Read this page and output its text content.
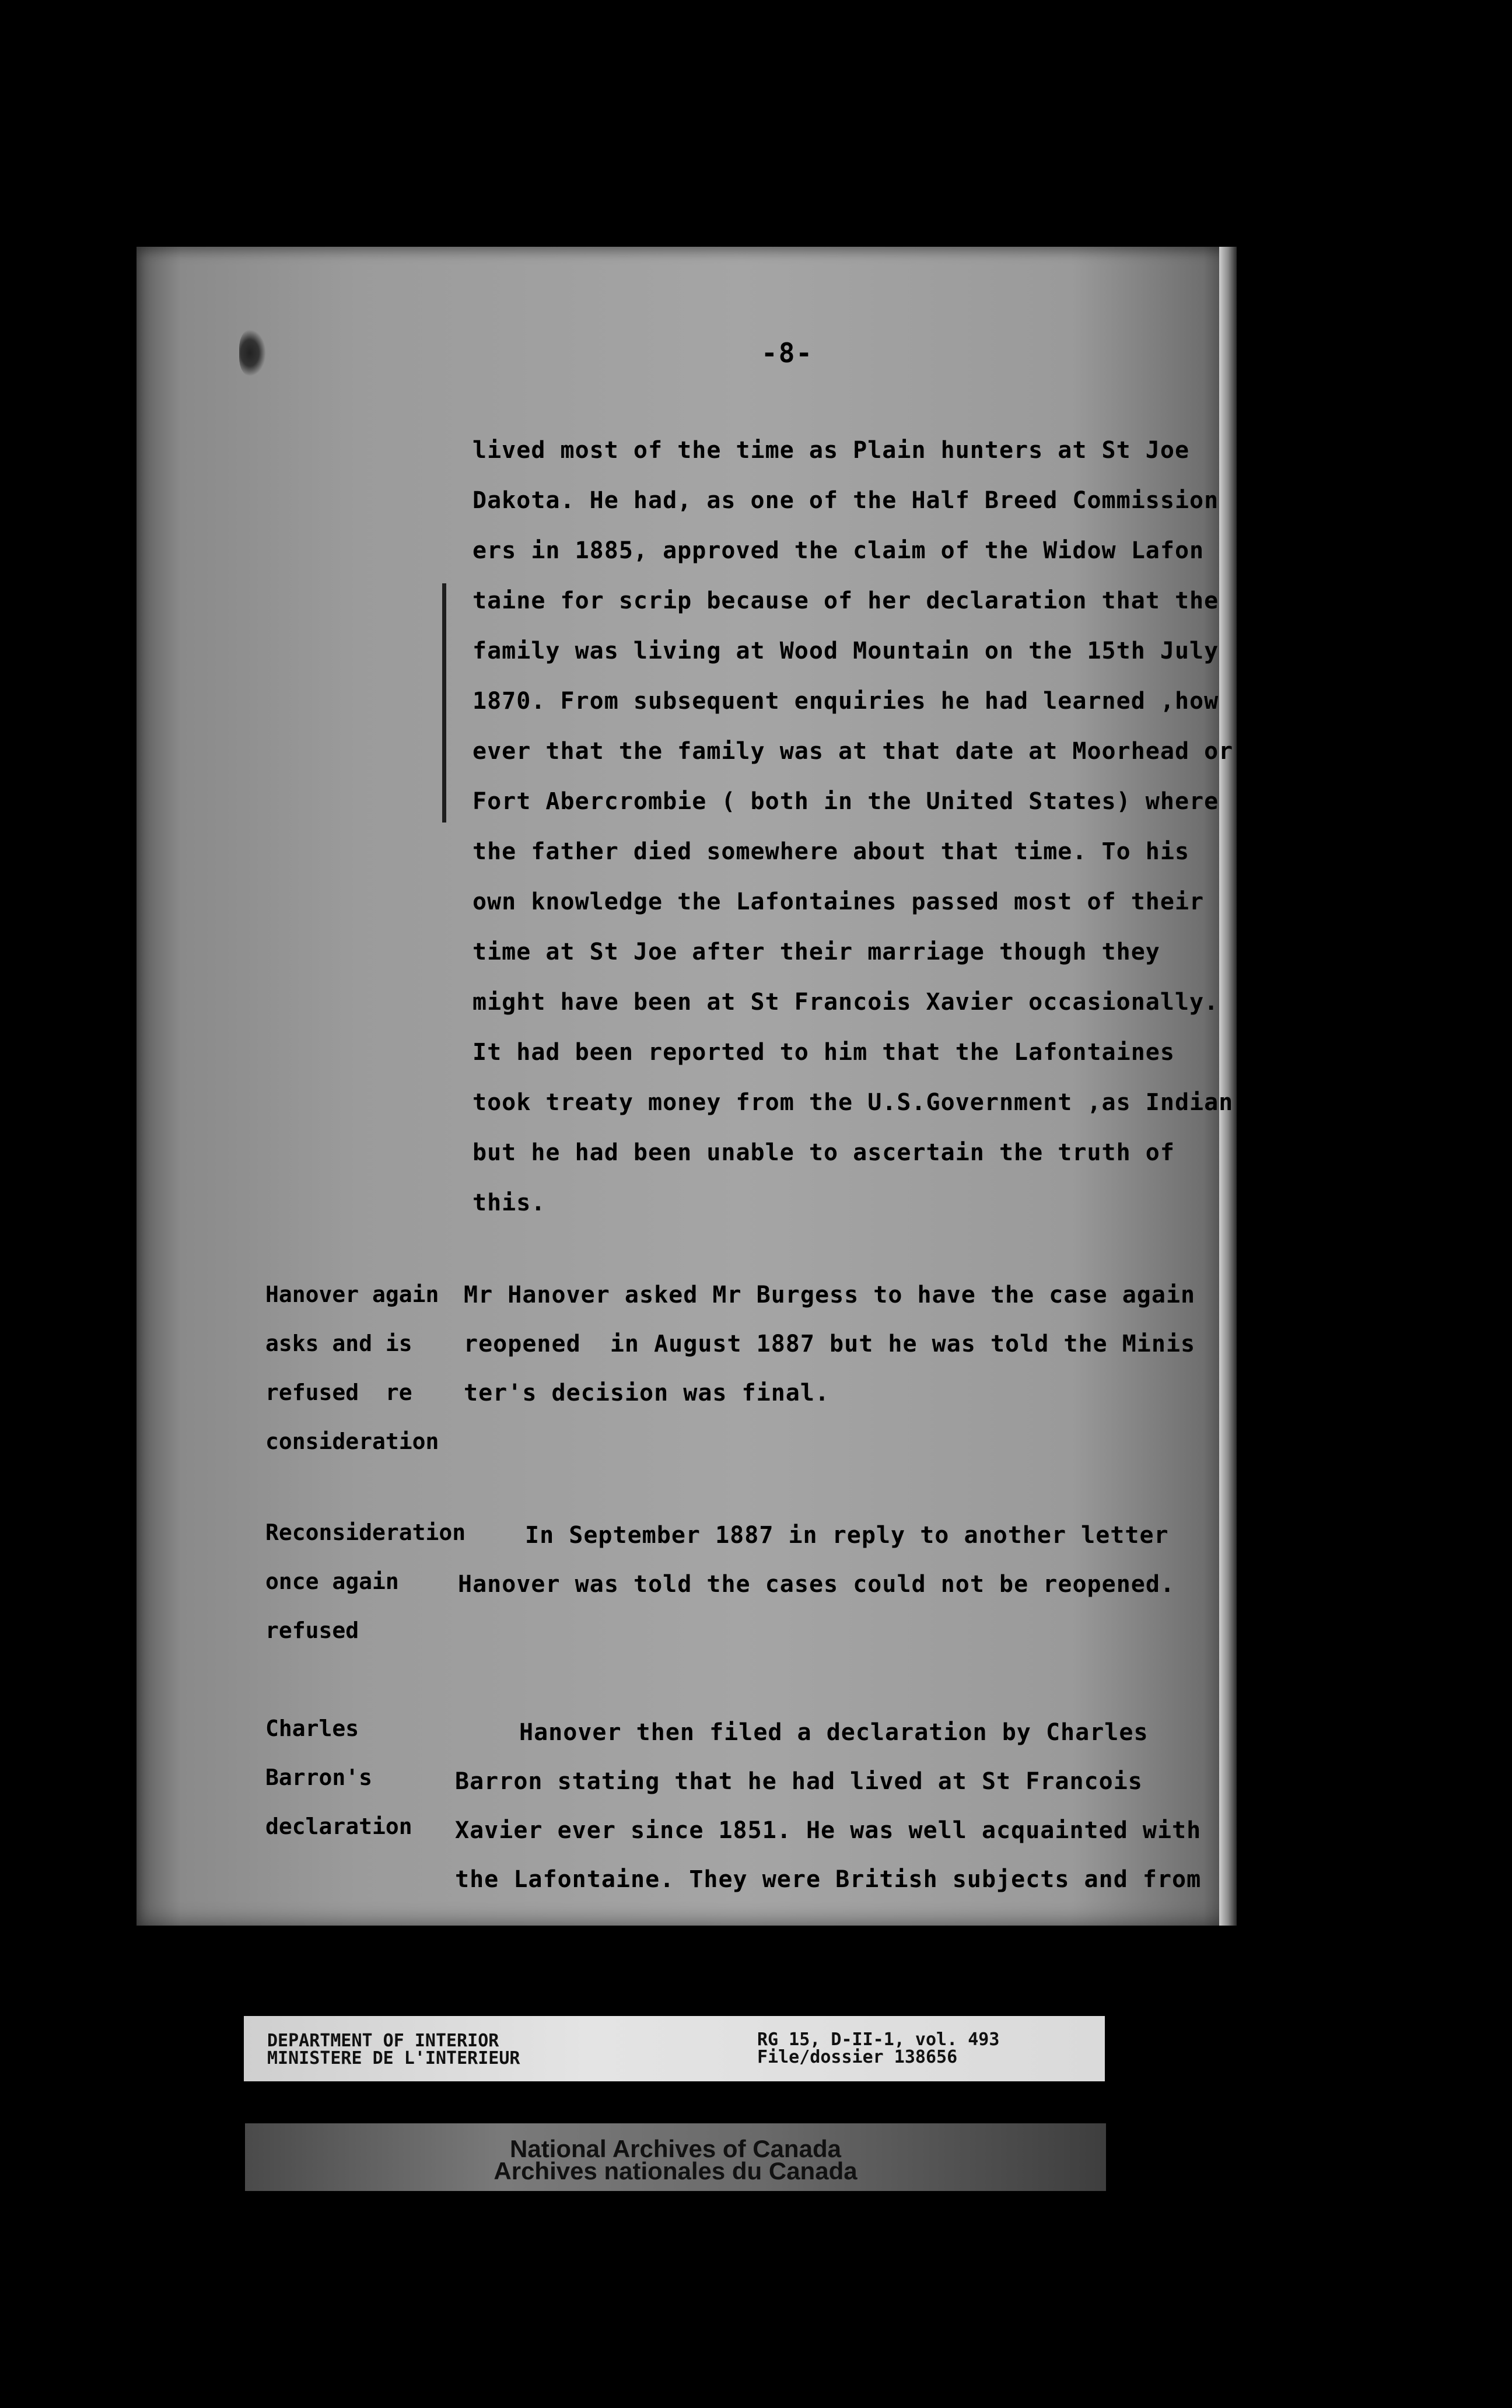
-8-
lived most of the time as Plain hunters at St Joe
Dakota. He had, as one of the Half Breed Commission
ers in 1885, approved the claim of the Widow Lafon
taine for scrip because of her declaration that the
family was living at Wood Mountain on the 15th July
1870. From subsequent enquiries he had learned ,how
ever that the family was at that date at Moorhead or
Fort Abercrombie ( both in the United States) where
the father died somewhere about that time. To his
own knowledge the Lafontaines passed most of their
time at St Joe after their marriage though they
might have been at St Francois Xavier occasionally.
It had been reported to him that the Lafontaines
took treaty money from the U.S.Government ,as Indian
but he had been unable to ascertain the truth of
this.
Hanover again
asks and is
refused  re
consideration
Mr Hanover asked Mr Burgess to have the case again
reopened  in August 1887 but he was told the Minis
ter's decision was final.
Reconsideration
once again
refused
In September 1887 in reply to another letter
Hanover was told the cases could not be reopened.
Charles
Barron's
declaration
Hanover then filed a declaration by Charles
Barron stating that he had lived at St Francois
Xavier ever since 1851. He was well acquainted with
the Lafontaine. They were British subjects and from
DEPARTMENT OF INTERIOR
MINISTERE DE L'INTERIEUR
RG 15, D-II-1, vol. 493
File/dossier 138656
National Archives of Canada
Archives nationales du Canada
